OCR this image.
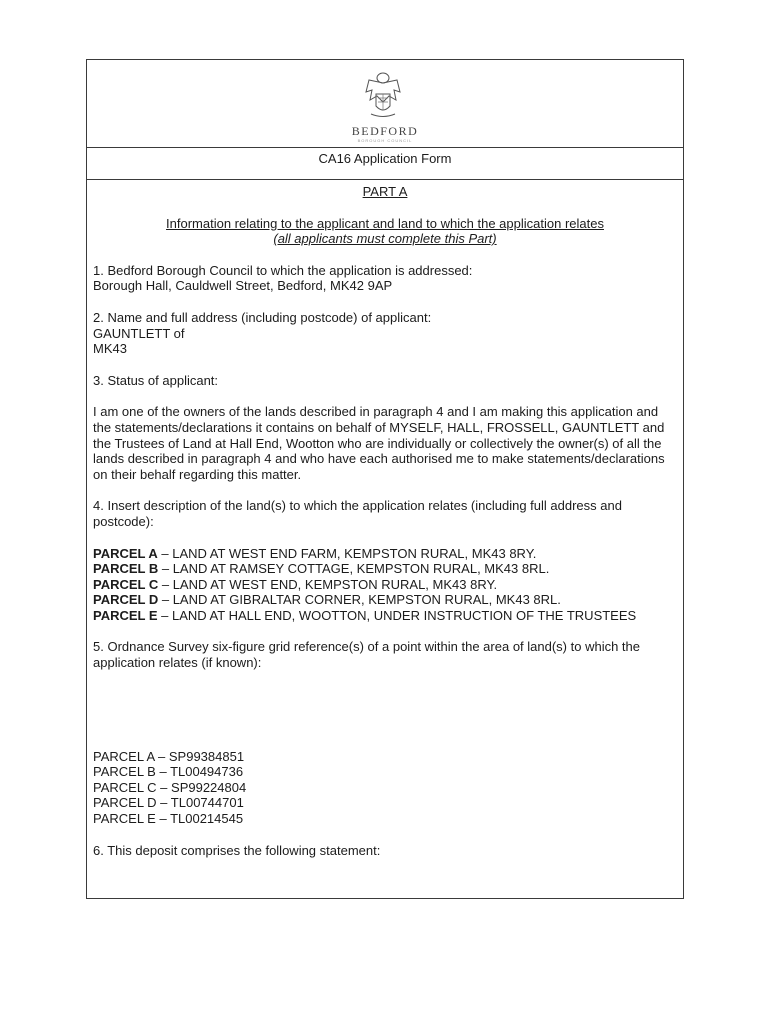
BEDFORD
BOROUGH COUNCIL
CA16 Application Form
PART A
Information relating to the applicant and land to which the application relates
(all applicants must complete this Part)

1. Bedford Borough Council to which the application is addressed:

Borough Hall, Cauldwell Street, Bedford, MK42 9AP

2. Name and full address (including postcode) of applicant:

GAUNTLETT of

MK43

3. Status of applicant:

I am one of the owners of the lands described in paragraph 4 and I am making this application and the statements/declarations it contains on behalf of MYSELF, HALL, FROSSELL, GAUNTLETT and the Trustees of Land at Hall End, Wootton who are individually or collectively the owner(s) of all the lands described in paragraph 4 and who have each authorised me to make statements/declarations on their behalf regarding this matter.

4. Insert description of the land(s) to which the application relates (including full address and postcode):

PARCEL A – LAND AT WEST END FARM, KEMPSTON RURAL, MK43 8RY.

PARCEL B – LAND AT RAMSEY COTTAGE, KEMPSTON RURAL, MK43 8RL.

PARCEL C – LAND AT WEST END, KEMPSTON RURAL, MK43 8RY.

PARCEL D – LAND AT GIBRALTAR CORNER, KEMPSTON RURAL, MK43 8RL.

PARCEL E – LAND AT HALL END, WOOTTON, UNDER INSTRUCTION OF THE TRUSTEES

5. Ordnance Survey six-figure grid reference(s) of a point within the area of land(s) to which the application relates (if known):

PARCEL A – SP99384851

PARCEL B – TL00494736

PARCEL C – SP99224804

PARCEL D – TL00744701

PARCEL E – TL00214545

6. This deposit comprises the following statement:
